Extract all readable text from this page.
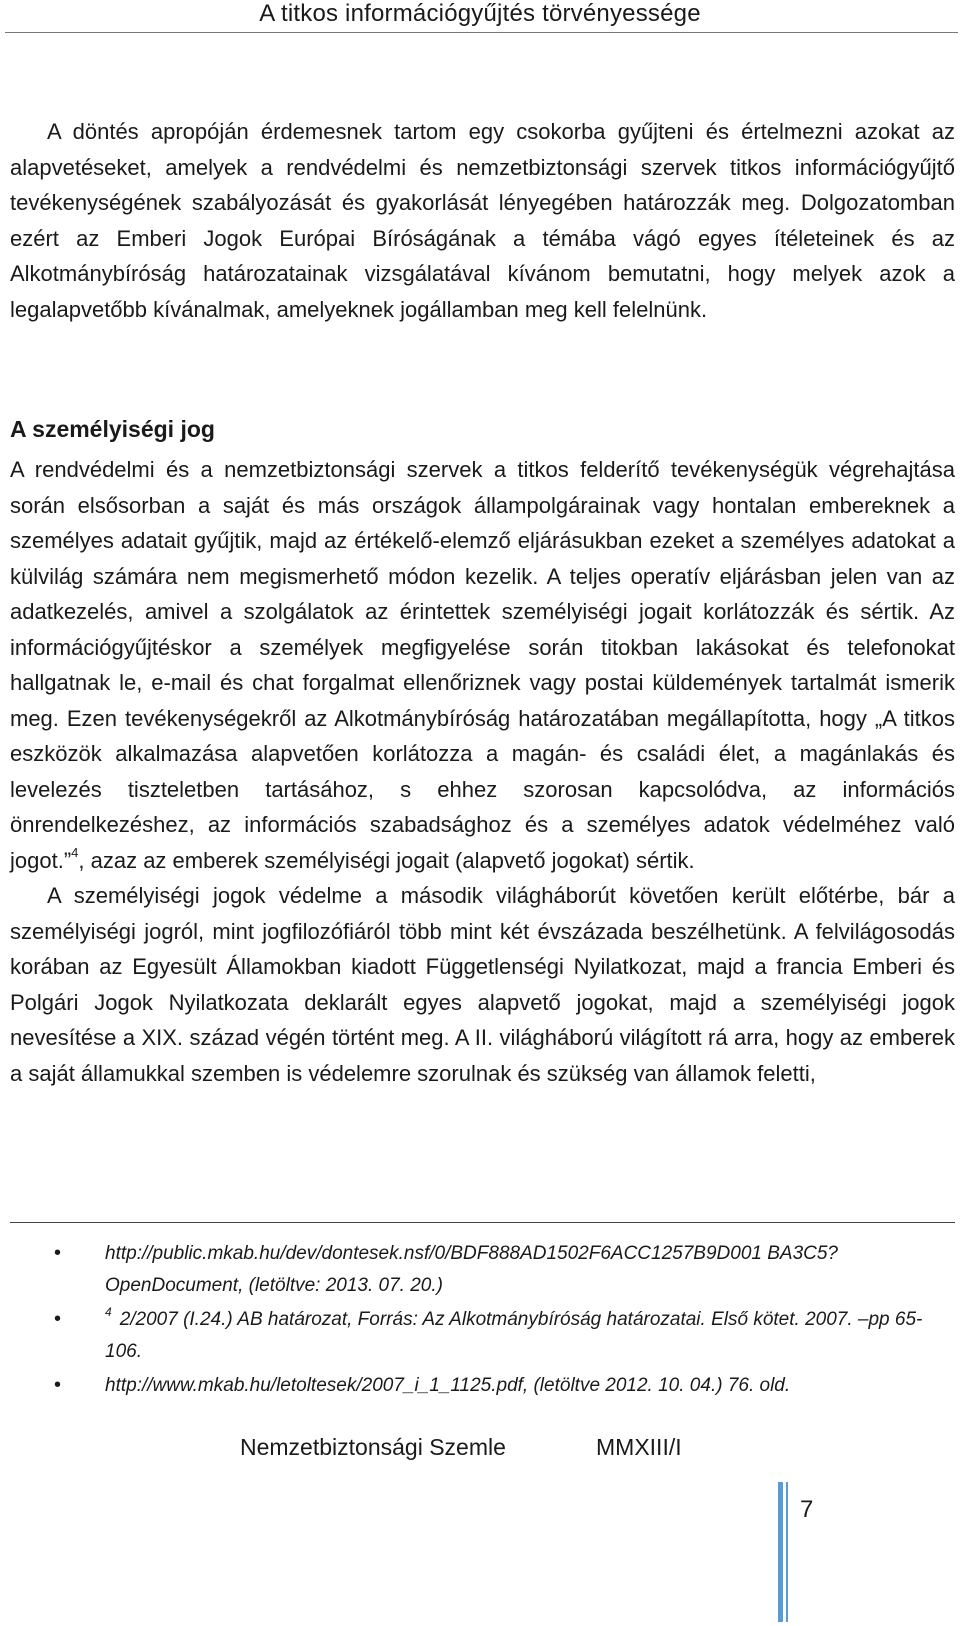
A titkos információgyűjtés törvényessége

A döntés apropóján érdemesnek tartom egy csokorba gyűjteni és értelmezni azokat az alapvetéseket, amelyek a rendvédelmi és nemzetbiztonsági szervek titkos információgyűjtő tevékenységének szabályozását és gyakorlását lényegében határozzák meg. Dolgozatomban ezért az Emberi Jogok Európai Bíróságának a témába vágó egyes ítéleteinek és az Alkotmánybíróság határozatainak vizsgálatával kívánom bemutatni, hogy melyek azok a legalapvetőbb kívánalmak, amelyeknek jogállamban meg kell felelnünk.

A személyiségi jog

A rendvédelmi és a nemzetbiztonsági szervek a titkos felderítő tevékenységük végrehajtása során elsősorban a saját és más országok állampolgárainak vagy hontalan embereknek a személyes adatait gyűjtik, majd az értékelő-elemző eljárásukban ezeket a személyes adatokat a külvilág számára nem megismerhető módon kezelik. A teljes operatív eljárásban jelen van az adatkezelés, amivel a szolgálatok az érintettek személyiségi jogait korlátozzák és sértik. Az információgyűjtéskor a személyek megfigyelése során titokban lakásokat és telefonokat hallgatnak le, e-mail és chat forgalmat ellenőriznek vagy postai küldemények tartalmát ismerik meg. Ezen tevékenységekről az Alkotmánybíróság határozatában megállapította, hogy „A titkos eszközök alkalmazása alapvetően korlátozza a magán- és családi élet, a magánlakás és levelezés tiszteletben tartásához, s ehhez szorosan kapcsolódva, az információs önrendelkezéshez, az információs szabadsághoz és a személyes adatok védelméhez való jogot.”$^4$, azaz az emberek személyiségi jogait (alapvető jogokat) sértik.

A személyiségi jogok védelme a második világháborút követően került előtérbe, bár a személyiségi jogról, mint jogfilozófiáról több mint két évszázada beszélhetünk. A felvilágosodás korában az Egyesült Államokban kiadott Függetlenségi Nyilatkozat, majd a francia Emberi és Polgári Jogok Nyilatkozata deklarált egyes alapvető jogokat, majd a személyiségi jogok nevesítése a XIX. század végén történt meg. A II. világháború világított rá arra, hogy az emberek a saját államukkal szemben is védelemre szorulnak és szükség van államok feletti,

• http://public.mkab.hu/dev/dontesek.nsf/0/BDF888AD1502F6ACC1257B9D001 BA3C5?OpenDocument, (letöltve: 2013. 07. 20.)
•	$^4$ 2/2007 (I.24.) AB határozat, Forrás: Az Alkotmánybíróság határozatai. Első kötet. 2007. –pp 65-106.
• http://www.mkab.hu/letoltesek/2007_i_1_1125.pdf, (letöltve 2012. 10. 04.) 76. old.
Nemzetbiztonsági Szemle	MMXIII/I
7
